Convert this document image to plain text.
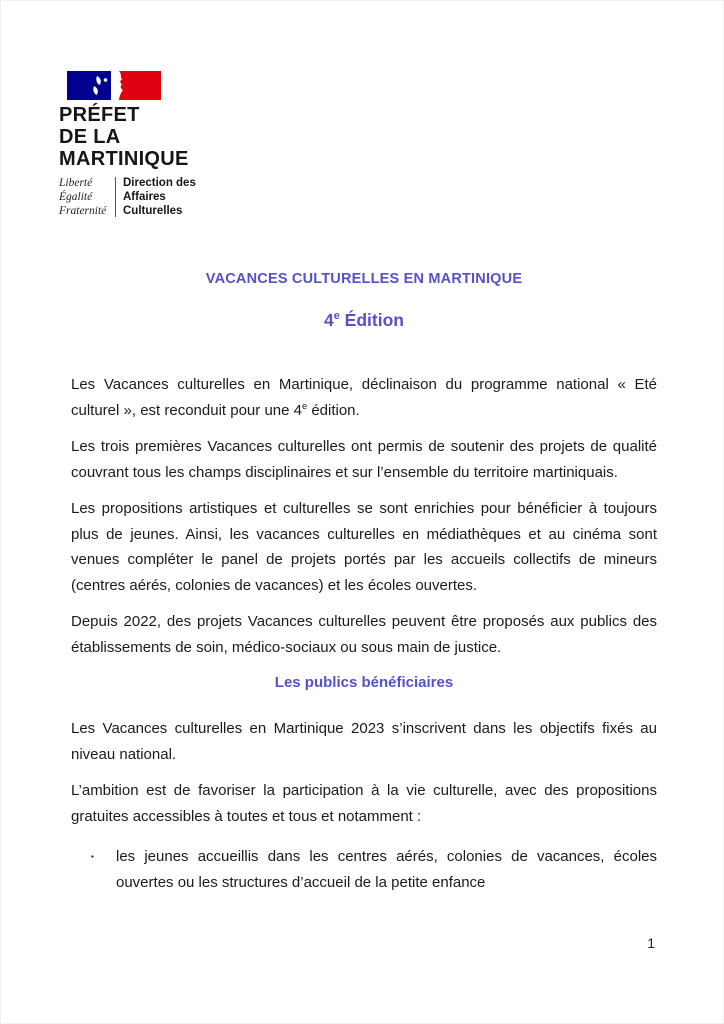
PRÉFET
DE LA
MARTINIQUE
Liberté
Égalité
Fraternité
Direction des
Affaires
Culturelles
VACANCES CULTURELLES EN MARTINIQUE
4e Édition

Les Vacances culturelles en Martinique, déclinaison du programme national « Eté culturel », est reconduit pour une 4e édition.

Les trois premières Vacances culturelles ont permis de soutenir des projets de qualité couvrant tous les champs disciplinaires et sur l’ensemble du territoire martiniquais.

Les propositions artistiques et culturelles se sont enrichies pour bénéficier à toujours plus de jeunes. Ainsi, les vacances culturelles en médiathèques et au cinéma sont venues compléter le panel de projets portés par les accueils collectifs de mineurs (centres aérés, colonies de vacances) et les écoles ouvertes.

Depuis 2022, des projets Vacances culturelles peuvent être proposés aux publics des établissements de soin, médico-sociaux ou sous main de justice.

Les publics bénéficiaires

Les Vacances culturelles en Martinique 2023 s’inscrivent dans les objectifs fixés au niveau national.

L’ambition est de favoriser la participation à la vie culturelle, avec des propositions gratuites accessibles à toutes et tous et notamment :

▪	les jeunes accueillis dans les centres aérés, colonies de vacances, écoles ouvertes ou les structures d’accueil de la petite enfance
1
